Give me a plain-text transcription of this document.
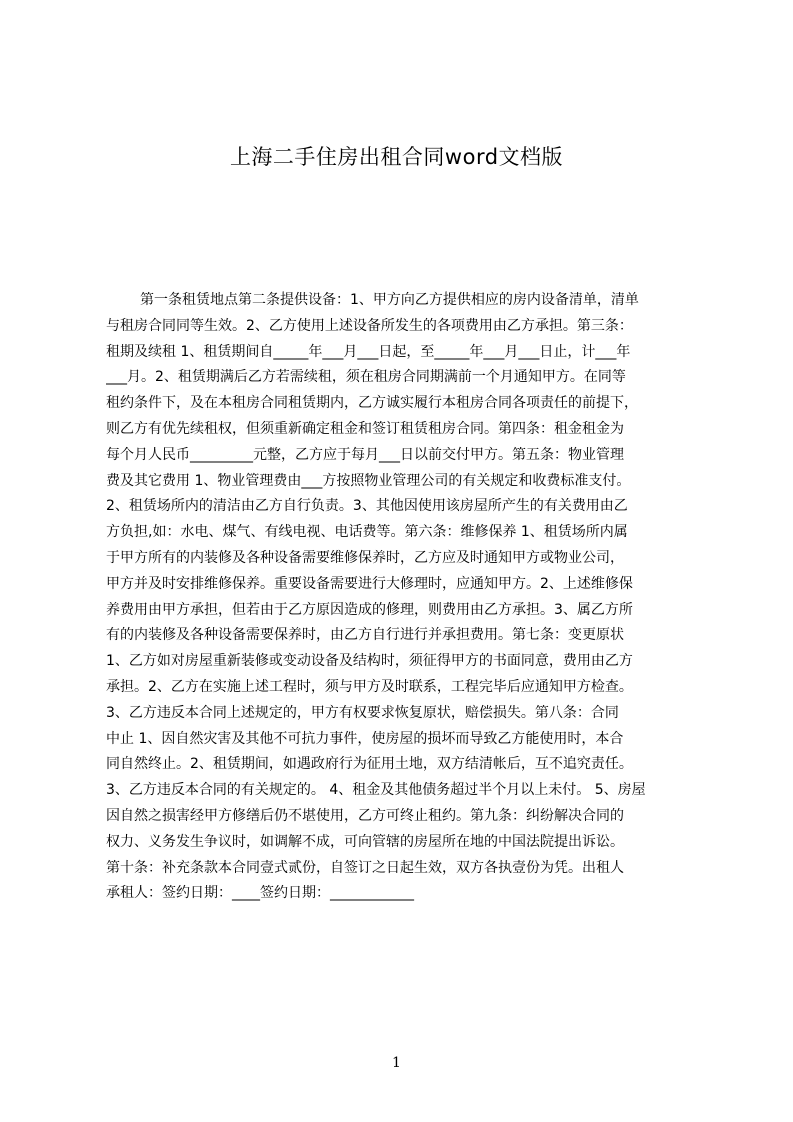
上海二手住房出租合同word文档版
第一条租赁地点第二条提供设备：1、甲方向乙方提供相应的房内设备清单，清单
与租房合同同等生效。2、乙方使用上述设备所发生的各项费用由乙方承担。第三条：
租期及续租 1、租赁期间自_____年___月___日起，至_____年___月___日止，计___年
___月。2、租赁期满后乙方若需续租，须在租房合同期满前一个月通知甲方。在同等
租约条件下，及在本租房合同租赁期内，乙方诚实履行本租房合同各项责任的前提下，
则乙方有优先续租权，但须重新确定租金和签订租赁租房合同。第四条：租金租金为
每个月人民币_________元整，乙方应于每月___日以前交付甲方。第五条：物业管理
费及其它费用 1、物业管理费由___方按照物业管理公司的有关规定和收费标准支付。
2、租赁场所内的清洁由乙方自行负责。3、其他因使用该房屋所产生的有关费用由乙
方负担,如：水电、煤气、有线电视、电话费等。第六条：维修保养 1、租赁场所内属
于甲方所有的内装修及各种设备需要维修保养时，乙方应及时通知甲方或物业公司，
甲方并及时安排维修保养。重要设备需要进行大修理时，应通知甲方。2、上述维修保
养费用由甲方承担，但若由于乙方原因造成的修理，则费用由乙方承担。3、属乙方所
有的内装修及各种设备需要保养时，由乙方自行进行并承担费用。第七条：变更原状
1、乙方如对房屋重新装修或变动设备及结构时，须征得甲方的书面同意，费用由乙方
承担。2、乙方在实施上述工程时，须与甲方及时联系，工程完毕后应通知甲方检查。
3、乙方违反本合同上述规定的，甲方有权要求恢复原状，赔偿损失。第八条：合同
中止 1、因自然灾害及其他不可抗力事件，使房屋的损坏而导致乙方能使用时，本合
同自然终止。2、租赁期间，如遇政府行为征用土地，双方结清帐后，互不追究责任。
3、乙方违反本合同的有关规定的。 4、租金及其他债务超过半个月以上未付。 5、房屋
因自然之损害经甲方修缮后仍不堪使用，乙方可终止租约。第九条：纠纷解决合同的
权力、义务发生争议时，如调解不成，可向管辖的房屋所在地的中国法院提出诉讼。
第十条：补充条款本合同壹式贰份，自签订之日起生效，双方各执壹份为凭。出租人
承租人：签约日期：____签约日期：____________
1
